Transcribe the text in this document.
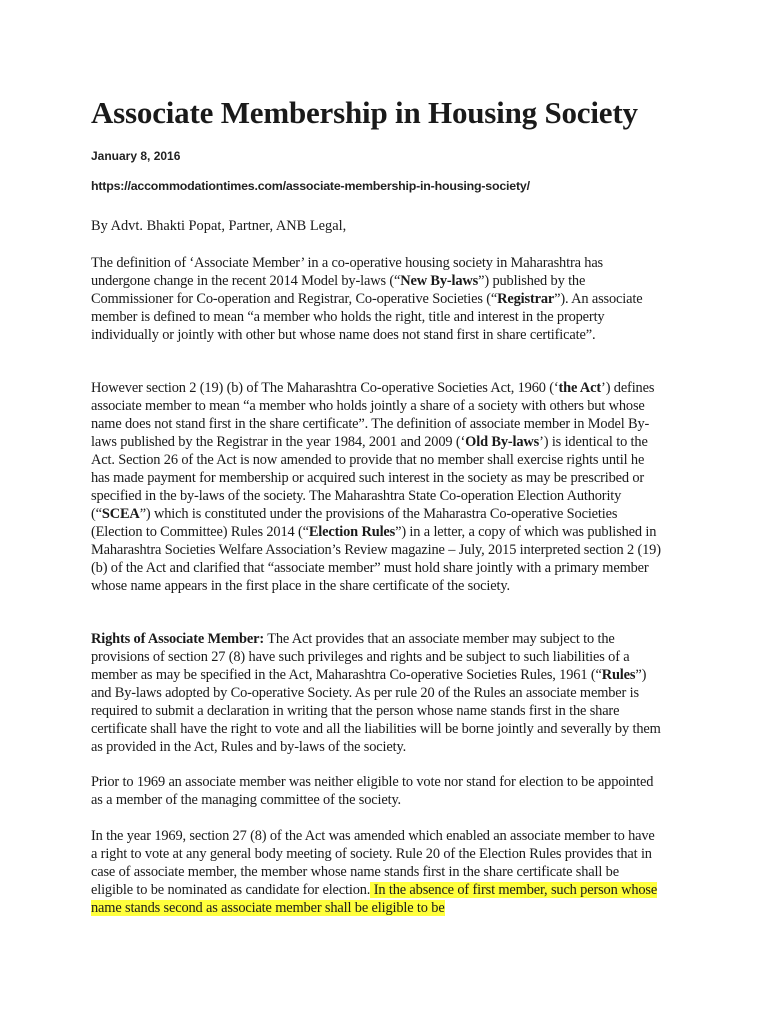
Associate Membership in Housing Society
January 8, 2016
https://accommodationtimes.com/associate-membership-in-housing-society/
By Advt. Bhakti Popat, Partner, ANB Legal,

The definition of ‘Associate Member’ in a co-operative housing society in Maharashtra has undergone change in the recent 2014 Model by-laws (“New By-laws”) published by the Commissioner for Co-operation and Registrar, Co-operative Societies (“Registrar”). An associate member is defined to mean “a member who holds the right, title and interest in the property individually or jointly with other but whose name does not stand first in share certificate”.

However section 2 (19) (b) of The Maharashtra Co-operative Societies Act, 1960 (‘the Act’) defines associate member to mean “a member who holds jointly a share of a society with others but whose name does not stand first in the share certificate”. The definition of associate member in Model By-laws published by the Registrar in the year 1984, 2001 and 2009 (‘Old By-laws’) is identical to the Act. Section 26 of the Act is now amended to provide that no member shall exercise rights until he has made payment for membership or acquired such interest in the society as may be prescribed or specified in the by-laws of the society. The Maharashtra State Co-operation Election Authority (“SCEA”) which is constituted under the provisions of the Maharastra Co-operative Societies (Election to Committee) Rules 2014 (“Election Rules”) in a letter, a copy of which was published in Maharashtra Societies Welfare Association’s Review magazine – July, 2015 interpreted section 2 (19) (b) of the Act and clarified that “associate member” must hold share jointly with a primary member whose name appears in the first place in the share certificate of the society.

Rights of Associate Member: The Act provides that an associate member may subject to the provisions of section 27 (8) have such privileges and rights and be subject to such liabilities of a member as may be specified in the Act, Maharashtra Co-operative Societies Rules, 1961 (“Rules”) and By-laws adopted by Co-operative Society. As per rule 20 of the Rules an associate member is required to submit a declaration in writing that the person whose name stands first in the share certificate shall have the right to vote and all the liabilities will be borne jointly and severally by them as provided in the Act, Rules and by-laws of the society.

Prior to 1969 an associate member was neither eligible to vote nor stand for election to be appointed as a member of the managing committee of the society.

In the year 1969, section 27 (8) of the Act was amended which enabled an associate member to have a right to vote at any general body meeting of society. Rule 20 of the Election Rules provides that in case of associate member, the member whose name stands first in the share certificate shall be eligible to be nominated as candidate for election. In the absence of first member, such person whose name stands second as associate member shall be eligible to be
